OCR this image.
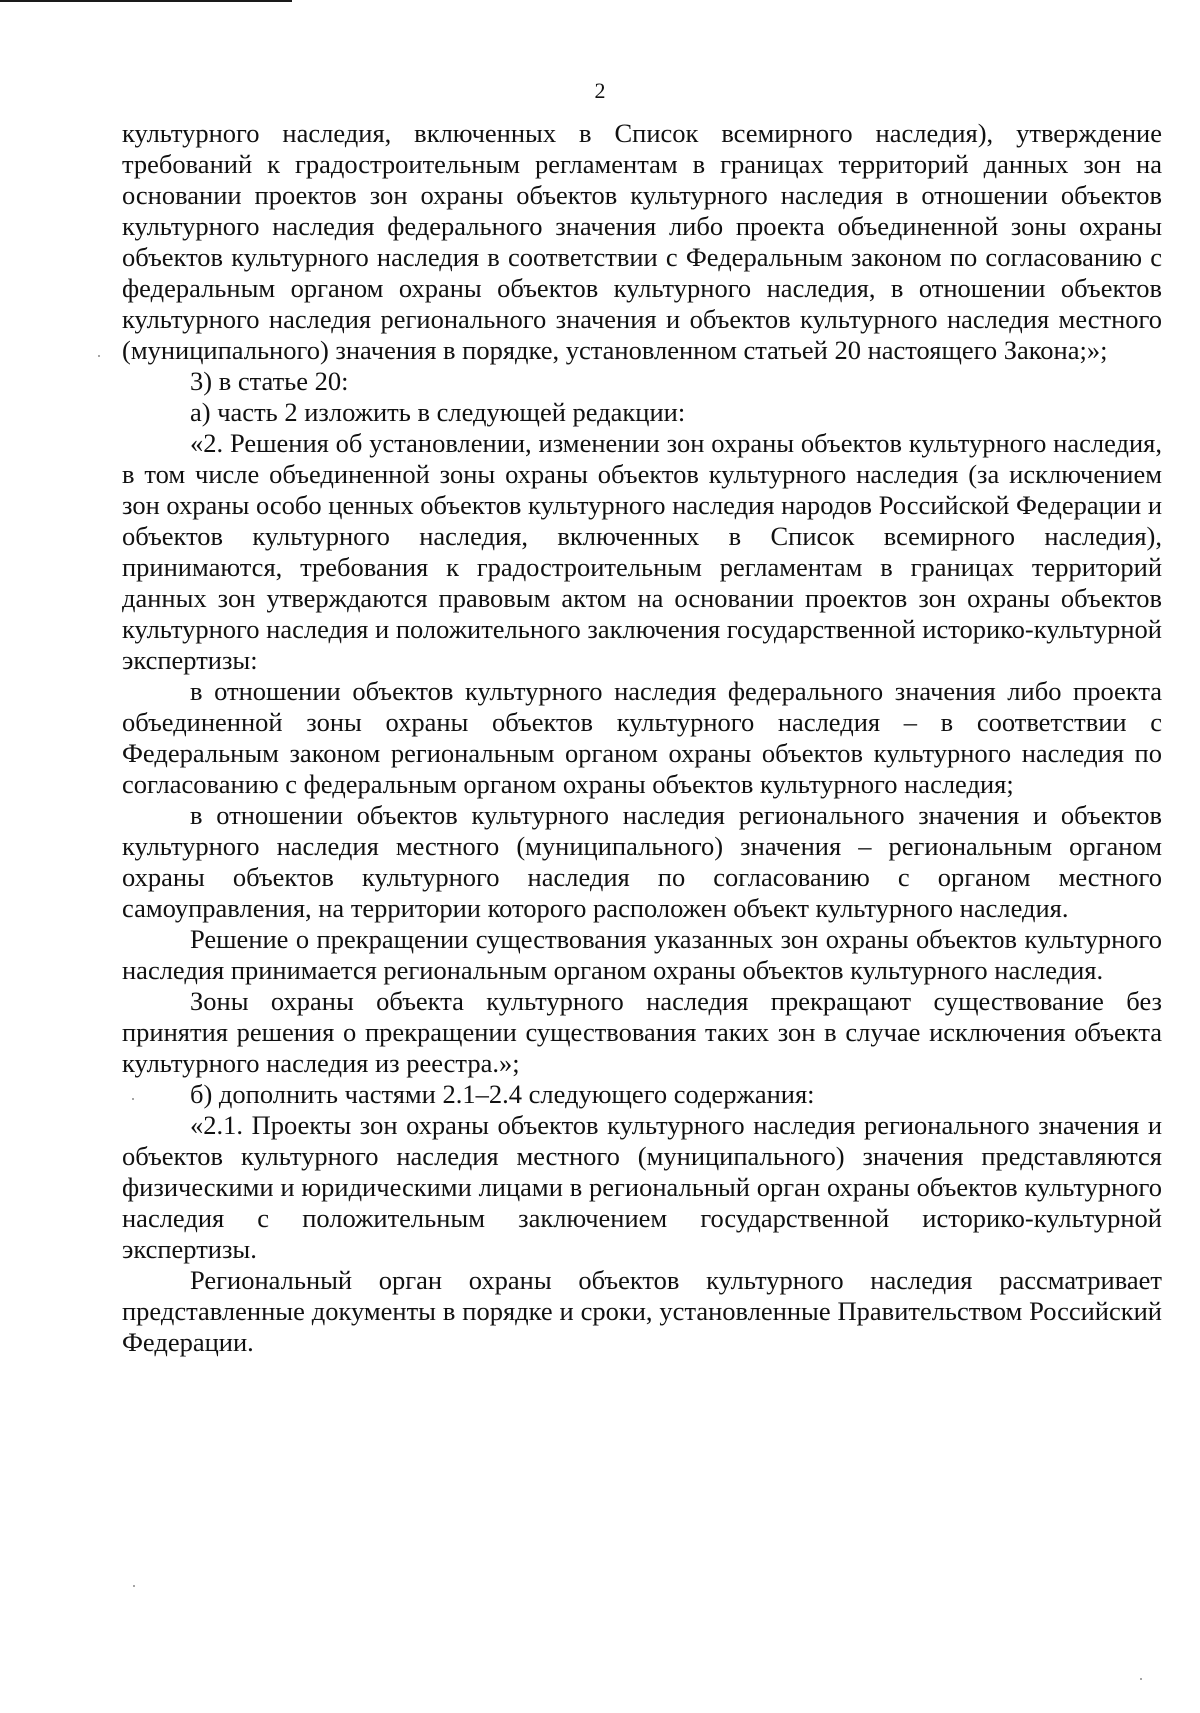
2

культурного наследия, включенных в Список всемирного наследия), утверждение требований к градостроительным регламентам в границах территорий данных зон на основании проектов зон охраны объектов культурного наследия в отношении объектов культурного наследия федерального значения либо проекта объединенной зоны охраны объектов культурного наследия в соответствии с Федеральным законом по согласованию с федеральным органом охраны объектов культурного наследия, в отношении объектов культурного наследия регионального значения и объектов культурного наследия местного (муниципального) значения в порядке, установленном статьей 20 настоящего Закона;»;

3) в статье 20:

а) часть 2 изложить в следующей редакции:

«2. Решения об установлении, изменении зон охраны объектов культурного наследия, в том числе объединенной зоны охраны объектов культурного наследия (за исключением зон охраны особо ценных объектов культурного наследия народов Российской Федерации и объектов культурного наследия, включенных в Список всемирного наследия), принимаются, требования к градостроительным регламентам в границах территорий данных зон утверждаются правовым актом на основании проектов зон охраны объектов культурного наследия и положительного заключения государственной историко-культурной экспертизы:

в отношении объектов культурного наследия федерального значения либо проекта объединенной зоны охраны объектов культурного наследия – в соответствии с Федеральным законом региональным органом охраны объектов культурного наследия по согласованию с федеральным органом охраны объектов культурного наследия;

в отношении объектов культурного наследия регионального значения и объектов культурного наследия местного (муниципального) значения – региональным органом охраны объектов культурного наследия по согласованию с органом местного самоуправления, на территории которого расположен объект культурного наследия.

Решение о прекращении существования указанных зон охраны объектов культурного наследия принимается региональным органом охраны объектов культурного наследия.

Зоны охраны объекта культурного наследия прекращают существование без принятия решения о прекращении существования таких зон в случае исключения объекта культурного наследия из реестра.»;

б) дополнить частями 2.1–2.4 следующего содержания:

«2.1. Проекты зон охраны объектов культурного наследия регионального значения и объектов культурного наследия местного (муниципального) значения представляются физическими и юридическими лицами в региональный орган охраны объектов культурного наследия с положительным заключением государственной историко-культурной экспертизы.

Региональный орган охраны объектов культурного наследия рассматривает представленные документы в порядке и сроки, установленные Правительством Российский Федерации.
